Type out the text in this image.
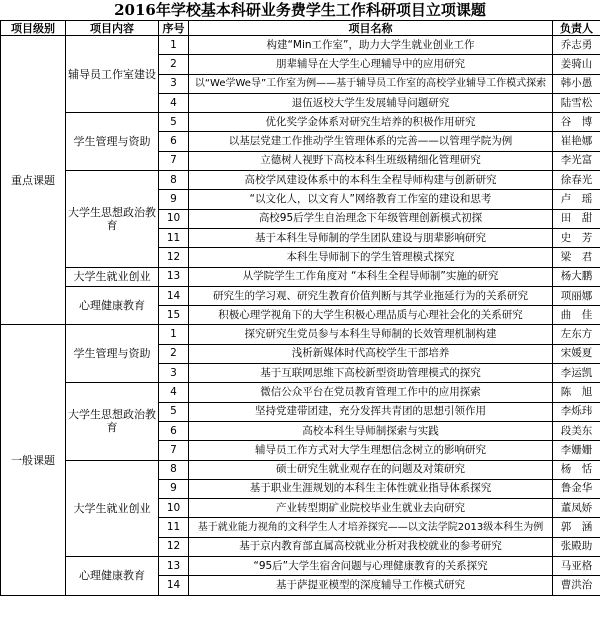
2016年学校基本科研业务费学生工作科研项目立项课题
项目级别	项目内容	序号	项目名称	负责人
重点课题	辅导员工作室建设	1	构建“Min工作室”，助力大学生就业创业工作	乔志勇
		2	朋辈辅导在大学生心理辅导中的应用研究	姜骑山
		3	以“We学We导”工作室为例——基于辅导员工作室的高校学业辅导工作模式探索	韩小愚
		4	退伍返校大学生发展辅导问题研究	陆雪松
	学生管理与资助	5	优化奖学金体系对研究生培养的积极作用研究	谷　博
		6	以基层党建工作推动学生管理体系的完善——以管理学院为例	崔艳娜
		7	立德树人视野下高校本科生班级精细化管理研究	李光富
	大学生思想政治教育	8	高校学风建设体系中的本科生全程导师构建与创新研究	徐春光
		9	“以文化人，以文育人”网络教育工作室的建设和思考	卢　瑶
		10	高校95后学生自治理念下年级管理创新模式初探	田　甜
		11	基于本科生导师制的学生团队建设与朋辈影响研究	史　芳
		12	本科生导师制下的学生管理模式探究	梁　君
	大学生就业创业	13	从学院学生工作角度对 “本科生全程导师制”实施的研究	杨大鹏
	心理健康教育	14	研究生的学习观、研究生教育价值判断与其学业拖延行为的关系研究	项丽娜
		15	积极心理学视角下的大学生积极心理品质与心理社会化的关系研究	曲　佳
一般课题	学生管理与资助	1	探究研究生党员参与本科生导师制的长效管理机制构建	左东方
		2	浅析新媒体时代高校学生干部培养	宋媛夏
		3	基于互联网思维下高校新型资助管理模式的探究	李运凯
	大学生思想政治教育	4	微信公众平台在党员教育管理工作中的应用探索	陈　旭
		5	坚持党建带团建，充分发挥共青团的思想引领作用	李烁玮
		6	高校本科生导师制探索与实践	段美东
		7	辅导员工作方式对大学生理想信念树立的影响研究	李姗姗
	大学生就业创业	8	硕士研究生就业观存在的问题及对策研究	杨　恬
		9	基于职业生涯规划的本科生主体性就业指导体系探究	鲁金华
		10	产业转型期矿业院校毕业生就业去向研究	董凤娇
		11	基于就业能力视角的文科学生人才培养探究——以文法学院2013级本科生为例	郭　涵
		12	基于京内教育部直属高校就业分析对我校就业的参考研究	张殿助
	心理健康教育	13	“95后”大学生宿舍问题与心理健康教育的关系探究	马亚格
		14	基于萨提亚模型的深度辅导工作模式研究	曹洪治
